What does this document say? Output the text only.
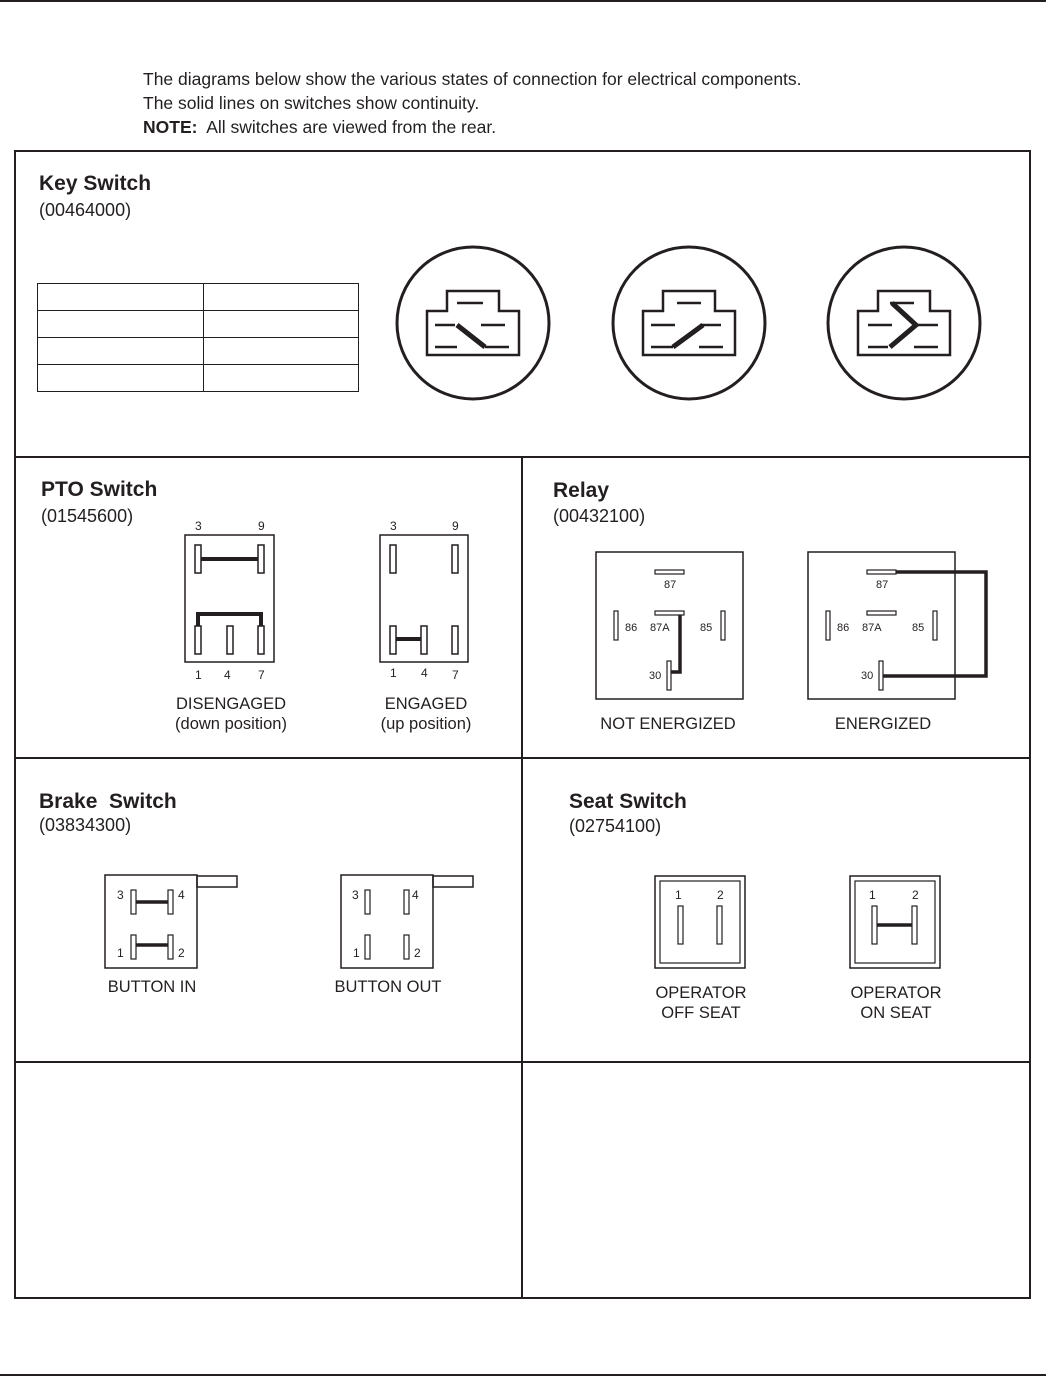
The diagrams below show the various states of connection for electrical components.
The solid lines on switches show continuity.
NOTE: All switches are viewed from the rear.
Key Switch
(00464000)

PTO Switch
(01545600)	3	9
1 4 7
3	9
1 4 7
DISENGAGED
(down position)
ENGAGED
(up position)
Relay
(00432100)
87
86 87A	85
30
87
86 87A	85
30
NOT ENERGIZED	ENERGIZED
Brake  Switch
(03834300)
3	4
1	2
3	4
1	2
BUTTON IN	BUTTON OUT
Seat Switch
(02754100)
1	2	1	2
OPERATOR
OFF SEAT
OPERATOR
ON SEAT
